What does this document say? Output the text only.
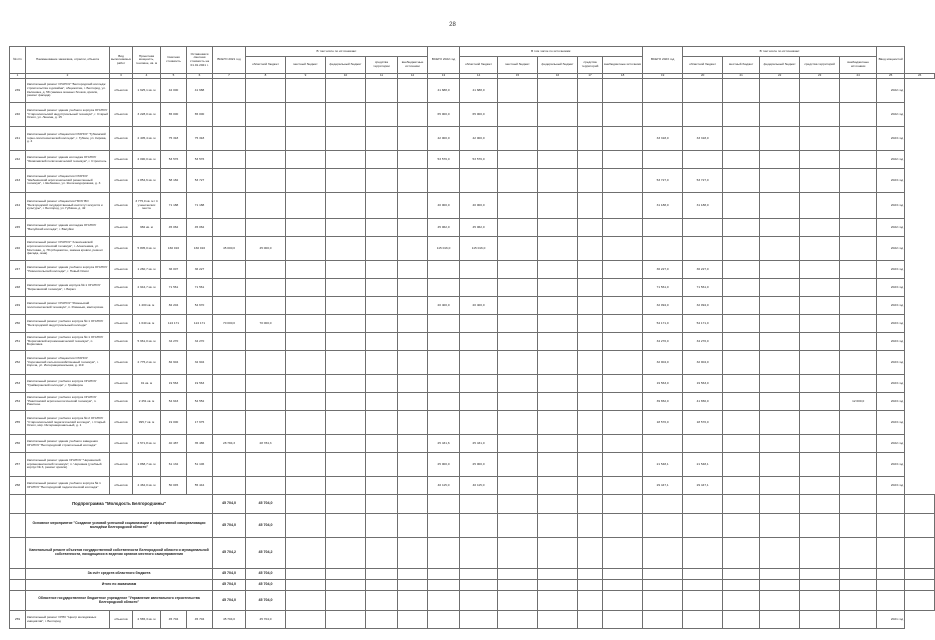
28
№ п/п	Наименование заказчика, отрасли, объекта	Вид выполняемых работ	Проектная мощность, тенговое, кв. м	Сметная стоимость	Оставшаяся сметная стоимость на 01.01.2021 г.	ВСЕГО 2021 год	В том числе по источникам:					ВСЕГО 2022 год	В том числе по источникам:					ВСЕГО 2023 год	В том числе по источникам:					Ввод мощностей	
							областной бюджет	местный бюджет	федеральный бюджет	средства территории	внебюджетные источники		областной бюджет	местный бюджет	федеральный бюджет	средства территорий	внебюджетные источники		областной бюджет	местный бюджет	федеральный бюджет	средства территорий	внебюджетные источники		
1	2	3	4	5	6	7	8	9	10	11	12	13	14	15	16	17	18	19	20	21	22	23	24	25	26
239	Капитальный ремонт ОГАПОУ "Белгородский колледж строительства и дизайна", общежитие, г. Белгород, ул. Калинина, д. 58 (замена оконных блоков, кровли, ремонт фасада)	объектов	1 625,1 кв. м	42 000	41 688							41 688,0	41 688,0											2022 год	
240	Капитальный ремонт здания учебного корпуса ОГАПОУ "Старооскольский индустриальный техникум", г. Старый Оскол, ул. Ленина, д. 15	объектов	3 228,0 кв. м	65 000	65 000							65 000,0	65 000,0											2022 год	
241	Капитальный ремонт общежития ОГАПОУ "Губкинский горно-политехнический колледж", г. Губкин, ул. Кирова, д. 4	объектов	2 405,4 кв. м	75 318	75 318							42 000,0	42 000,0					33 318,0	33 318,0					2023 год	
242	Капитальный ремонт здания колледжа ОГАПОУ "Яковлевский политехнический техникум", г. Строитель	объектов	2 090,0 кв. м	53 576	53 576							53 576,0	53 576,0											2022 год	
243	Капитальный ремонт общежития ОГАПОУ "Шебекинский агротехнический ремесленный техникум", г. Шебекино, ул. Железнодорожная, д. 3	объектов	1 854,6 кв. м	58 182	53 727													53 727,0	53 727,0					2023 год	
244	Капитальный ремонт общежития ГБОУ ВО "Белгородский государственный институт искусств и культуры", г. Белгород, ул. Губкина, д. 42	объектов	3 775,0 кв. м / 4 ученических места	71 188	71 188							40 000,0	40 000,0					31 188,0	31 188,0					2023 год	
245	Капитальный ремонт здания колледжа ОГАПОУ "Валуйский колледж", г. Валуйки	объектов	982 кв. м	45 062	45 062							45 062,0	45 062,0											2022 год	
246	Капитальный ремонт ОГАПОУ "Алексеевский агротехнологический техникум", г. Алексеевка, ул. Мостовая, д. 78 (общежитие, замена кровли, ремонт фасада, окна)	объектов	5 805,0 кв. м	160 016	160 016	45 000,0	45 000,0					115 016,0	115 016,0											2022 год	
247	Капитальный ремонт здания учебного корпуса ОГАПОУ "Новооскольский колледж", г. Новый Оскол	объектов	1 260,7 кв. м	36 007	36 227													36 227,0	36 227,0					2023 год	
248	Капитальный ремонт здания корпуса № 1 ОГАПОУ "Бирючанский техникум", г. Бирюч	объектов	2 944,7 кв. м	71 561	71 561													71 561,0	71 561,0					2023 год	
249	Капитальный ремонт ОГАПОУ "Ровеньский политехнический техникум", п. Ровеньки, мастерские	объектов	1 400 кв. м	82 204	54 670							20 400,0	20 400,0					32 094,0	32 094,0					2023 год	
250	Капитальный ремонт учебного корпуса № 1 ОГАПОУ "Белгородский индустриальный колледж"	объектов	1 640 кв. м	124 171	124 171	70 000,0	70 000,0											54 171,0	54 171,0					2023 год	
251	Капитальный ремонт учебного корпуса № 1 ОГАПОУ "Борисовский агромеханический техникум", п. Борисовка	объектов	5 961,0 кв. м	34 270	34 270													34 270,0	34 270,0					2023 год	
252	Капитальный ремонт общежития ОГАПОУ "Корочанский сельскохозяйственный техникум", г. Короча, ул. Интернациональная, д. 119	объектов	2 775,2 кв. м	82 904	32 904													32 904,0	32 904,0					2023 год	
253	Капитальный ремонт учебного корпуса ОГАПОУ "Грайворонский колледж", г. Грайворон	объектов	91 кв. м	19 563	19 563													19 563,0	19 563,0					2023 год	
254	Капитальный ремонт учебного корпуса ОГАПОУ "Ракитянский агротехнологический техникум", п. Ракитное	объектов	2 451 кв. м	54 643	54 552													39 652,0	41 650,0				12 000,0	2023 год	
255	Капитальный ремонт учебного корпуса № 2 ОГАПОУ "Старооскольский педагогический колледж", г. Старый Оскол, мкр. Интернациональный, д. 1	объектов	995,7 кв. м	19 000	17 675													18 570,0	18 570,0					2023 год	
256	Капитальный ремонт здания учебного заведения ОГАПОУ "Белгородский строительный колледж"	объектов	2 571,8 кв. м	40 487	35 486	28 784,3	28 784,3					25 431,6	25 431,0											2022 год	
257	Капитальный ремонт здания ОГАПОУ "Чернянский агромеханический техникум", п. Чернянка (учебный корпус № 3, ремонт кровли)	объектов	1 868,7 кв. м	61 132	51 106							25 000,0	25 000,0					21 548,1	21 548,1					2023 год	
258	Капитальный ремонт здания учебного корпуса № 1 ОГАПОУ "Белгородский педагогический колледж"	объектов	4 462,0 кв. м	50 045	55 444							40 115,0	40 115,0					29 447,1	29 447,1					2023 год	
	Подпрограмма "Молодость Белгородчины"					45 704,0	45 704,0																		
	Основное мероприятие "Создание условий успешной социализации и эффективной самореализации молодёжи Белгородской области"					45 704,0	45 704,0																		
	Капитальный ремонт объектов государственной собственности Белгородской области и муниципальной собственности, находящихся в ведении органов местного самоуправления					45 704,2	45 704,2																		
	За счёт средств областного бюджета					45 704,0	45 704,0																		
	Итого по заказчикам					45 704,0	45 704,0																		
	Областное государственное бюджетное учреждение "Управление капитального строительства Белгородской области"					45 704,0	45 704,0																		
259	Капитальный ремонт ОГБУ "Центр молодёжных инициатив", г. Белгород	объектов	2 565,3 кв. м	45 704	45 704	45 704,0	45 704,0																	2021 год	
